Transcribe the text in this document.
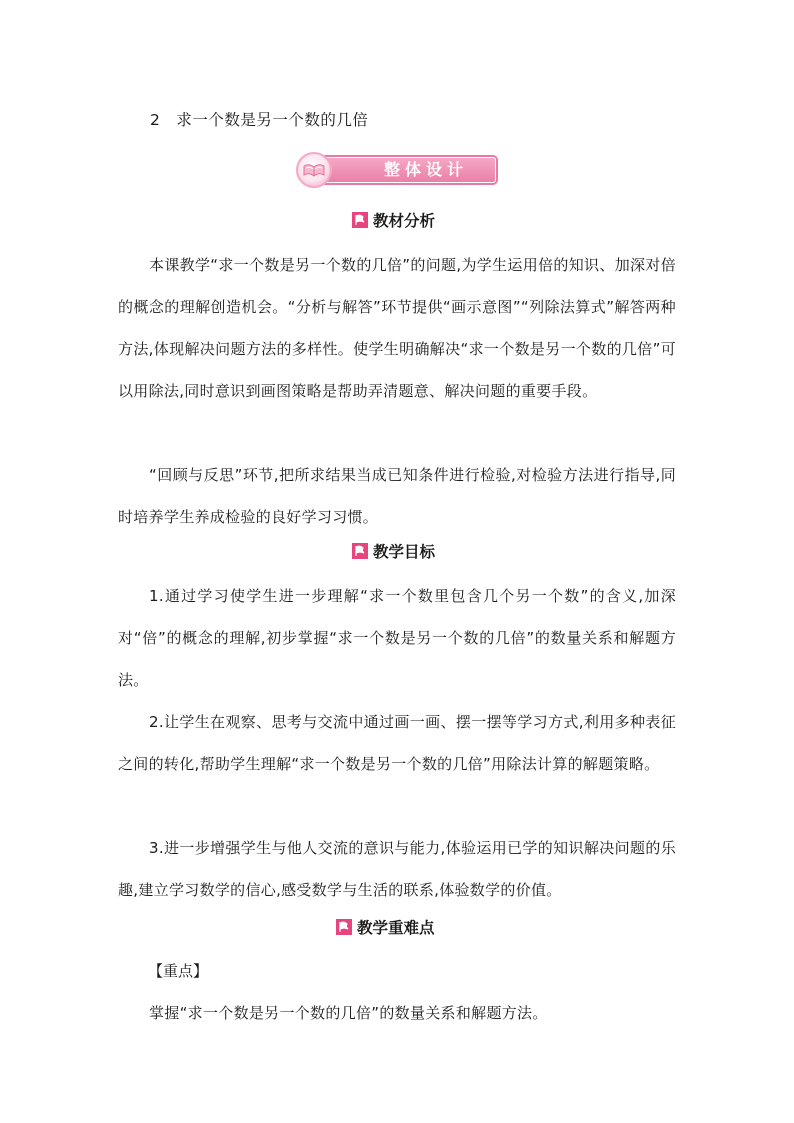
2 求一个数是另一个数的几倍
整体设计
教材分析
本课教学“求一个数是另一个数的几倍”的问题,为学生运用倍的知识、加深对倍的概念的理解创造机会。“分析与解答”环节提供“画示意图”“列除法算式”解答两种方法,体现解决问题方法的多样性。使学生明确解决“求一个数是另一个数的几倍”可以用除法,同时意识到画图策略是帮助弄清题意、解决问题的重要手段。
“回顾与反思”环节,把所求结果当成已知条件进行检验,对检验方法进行指导,同时培养学生养成检验的良好学习习惯。
教学目标
1.通过学习使学生进一步理解“求一个数里包含几个另一个数”的含义,加深对“倍”的概念的理解,初步掌握“求一个数是另一个数的几倍”的数量关系和解题方法。
2.让学生在观察、思考与交流中通过画一画、摆一摆等学习方式,利用多种表征之间的转化,帮助学生理解“求一个数是另一个数的几倍”用除法计算的解题策略。
3.进一步增强学生与他人交流的意识与能力,体验运用已学的知识解决问题的乐趣,建立学习数学的信心,感受数学与生活的联系,体验数学的价值。
教学重难点
【重点】
掌握“求一个数是另一个数的几倍”的数量关系和解题方法。
